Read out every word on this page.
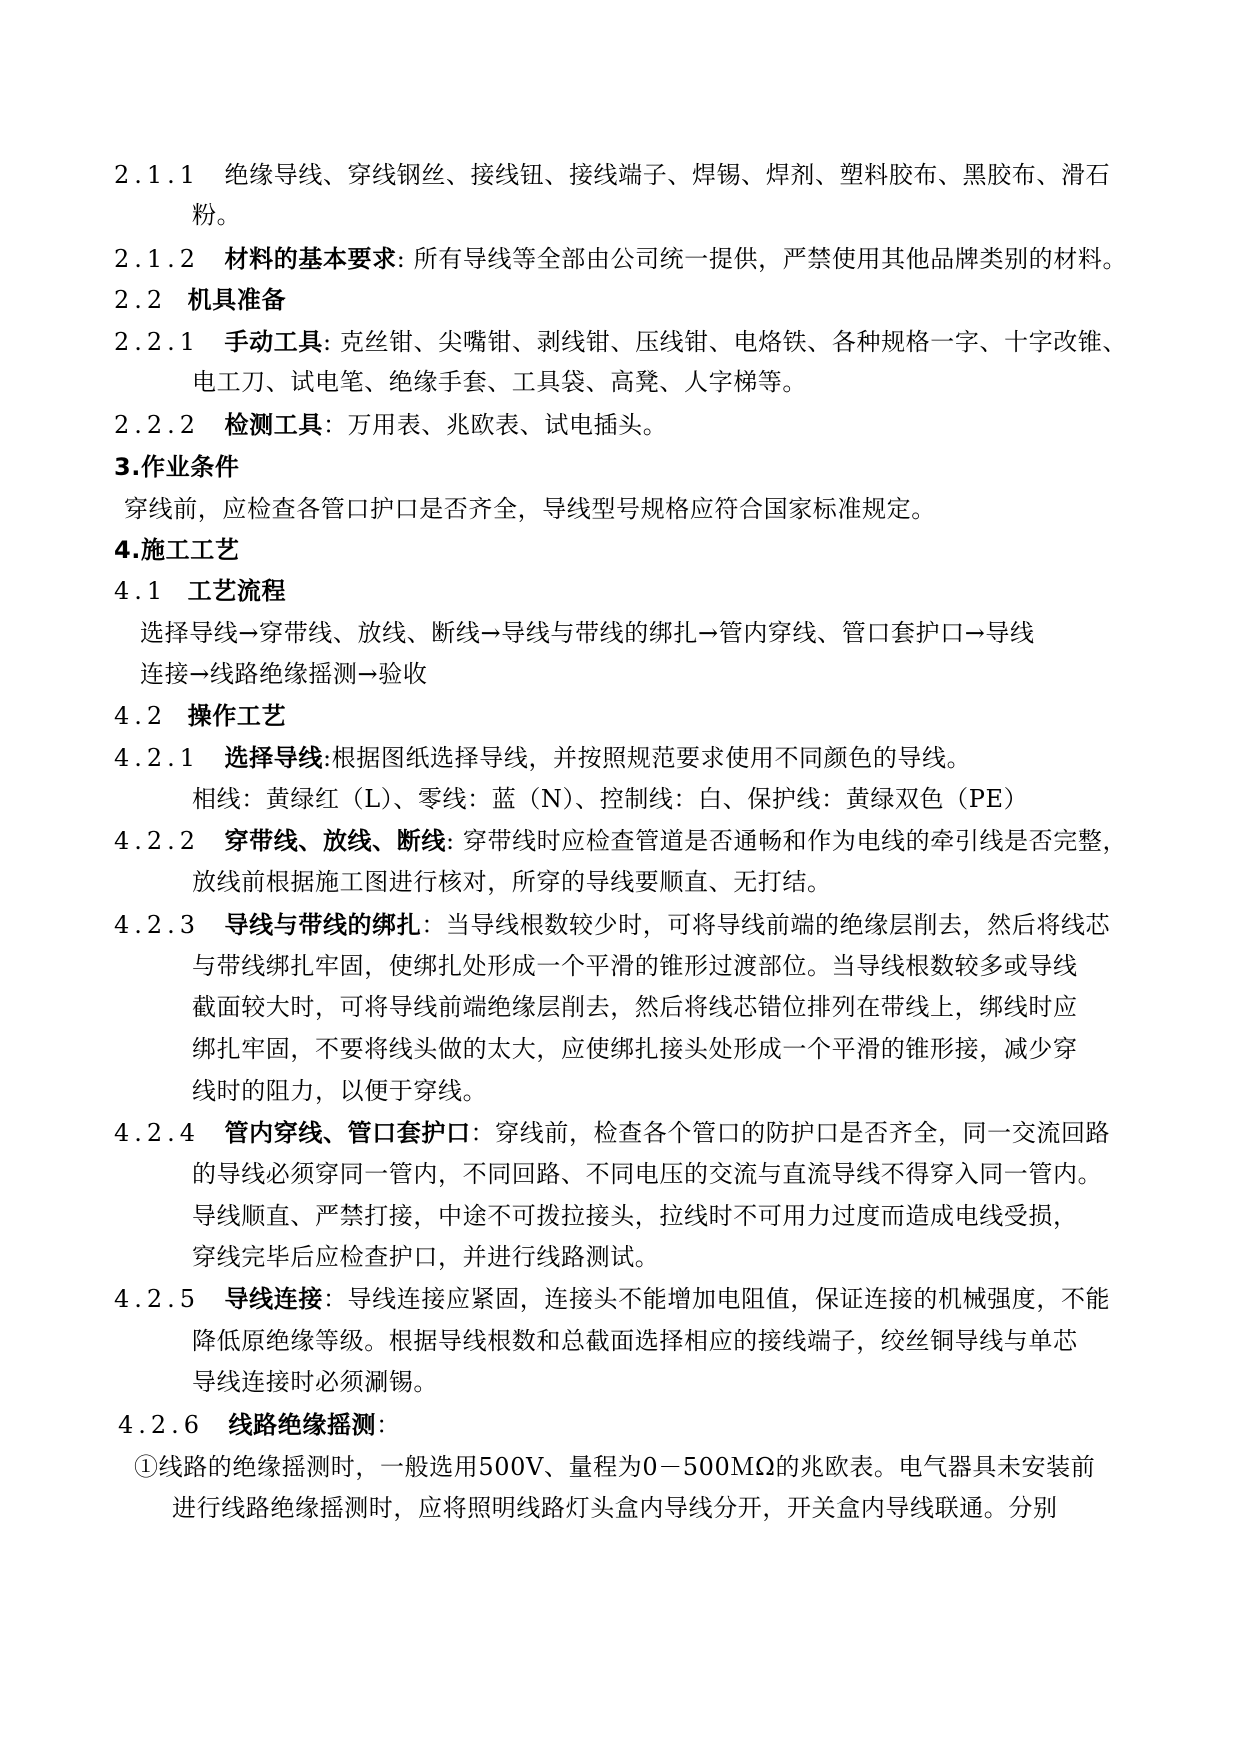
2.1.1 绝缘导线、穿线钢丝、接线钮、接线端子、焊锡、焊剂、塑料胶布、黑胶布、滑石
粉。
2.1.2 材料的基本要求: 所有导线等全部由公司统一提供，严禁使用其他品牌类别的材料。
2.2 机具准备
2.2.1 手动工具: 克丝钳、尖嘴钳、剥线钳、压线钳、电烙铁、各种规格一字、十字改锥、
电工刀、试电笔、绝缘手套、工具袋、高凳、人字梯等。
2.2.2 检测工具：万用表、兆欧表、试电插头。
3.作业条件
穿线前，应检查各管口护口是否齐全，导线型号规格应符合国家标准规定。
4.施工工艺
4.1 工艺流程
选择导线→穿带线、放线、断线→导线与带线的绑扎→管内穿线、管口套护口→导线
连接→线路绝缘摇测→验收
4.2 操作工艺
4.2.1 选择导线:根据图纸选择导线，并按照规范要求使用不同颜色的导线。
相线：黄绿红（L）、零线：蓝（N）、控制线：白、保护线：黄绿双色（PE）
4.2.2 穿带线、放线、断线: 穿带线时应检查管道是否通畅和作为电线的牵引线是否完整，
放线前根据施工图进行核对，所穿的导线要顺直、无打结。
4.2.3 导线与带线的绑扎：当导线根数较少时，可将导线前端的绝缘层削去，然后将线芯
与带线绑扎牢固，使绑扎处形成一个平滑的锥形过渡部位。当导线根数较多或导线
截面较大时，可将导线前端绝缘层削去，然后将线芯错位排列在带线上，绑线时应
绑扎牢固，不要将线头做的太大，应使绑扎接头处形成一个平滑的锥形接，减少穿
线时的阻力，以便于穿线。
4.2.4 管内穿线、管口套护口：穿线前，检查各个管口的防护口是否齐全，同一交流回路
的导线必须穿同一管内，不同回路、不同电压的交流与直流导线不得穿入同一管内。
导线顺直、严禁打接，中途不可拨拉接头，拉线时不可用力过度而造成电线受损，
穿线完毕后应检查护口，并进行线路测试。
4.2.5 导线连接：导线连接应紧固，连接头不能增加电阻值，保证连接的机械强度，不能
降低原绝缘等级。根据导线根数和总截面选择相应的接线端子，绞丝铜导线与单芯
导线连接时必须涮锡。
4.2.6 线路绝缘摇测：
①线路的绝缘摇测时，一般选用500V、量程为0－500ＭΩ的兆欧表。电气器具未安装前
进行线路绝缘摇测时，应将照明线路灯头盒内导线分开，开关盒内导线联通。分别
